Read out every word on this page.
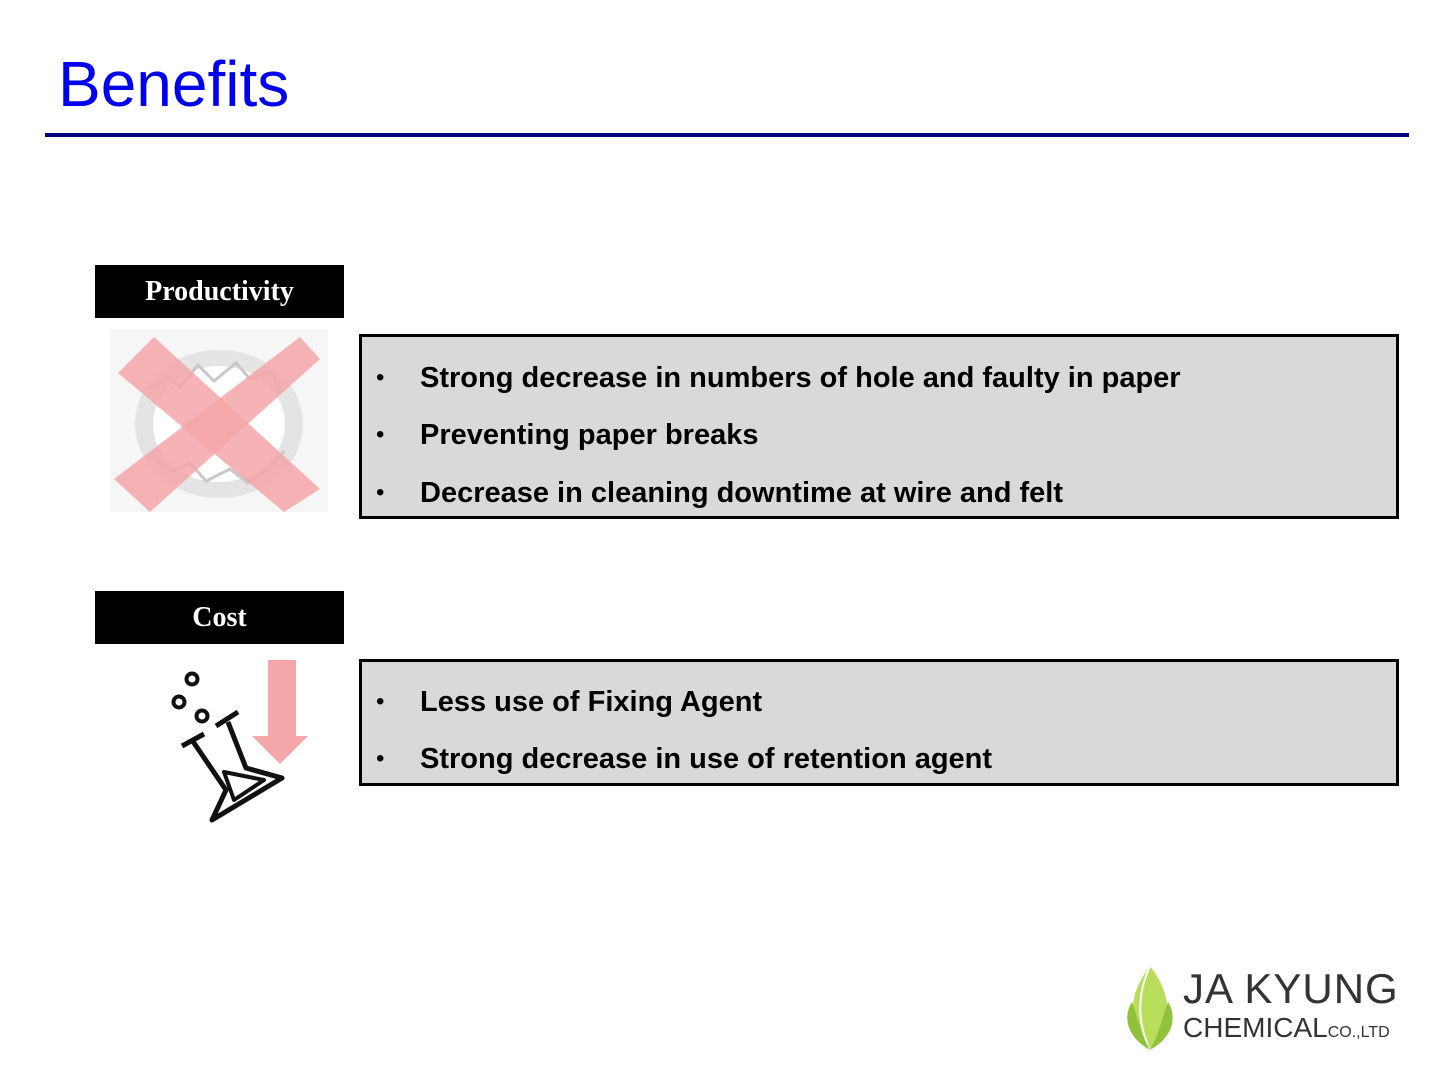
Benefits
Productivity
• Strong decrease in numbers of hole and faulty in paper
• Preventing paper breaks
• Decrease in cleaning downtime at wire and felt
Cost
• Less use of Fixing Agent
• Strong decrease in use of retention agent
JA KYUNG
CHEMICALCO.,LTD
